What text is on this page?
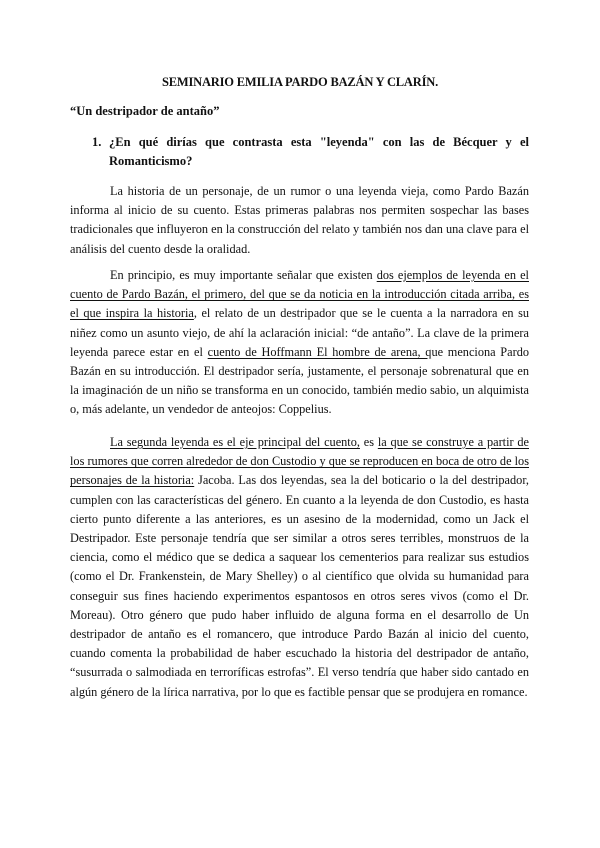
SEMINARIO EMILIA PARDO BAZÁN Y CLARÍN.
“Un destripador de antaño”
1. ¿En qué dirías que contrasta esta "leyenda" con las de Bécquer y el Romanticismo?

La historia de un personaje, de un rumor o una leyenda vieja, como Pardo Bazán informa al inicio de su cuento. Estas primeras palabras nos permiten sospechar las bases tradicionales que influyeron en la construcción del relato y también nos dan una clave para el análisis del cuento desde la oralidad.

En principio, es muy importante señalar que existen dos ejemplos de leyenda en el cuento de Pardo Bazán, el primero, del que se da noticia en la introducción citada arriba, es el que inspira la historia, el relato de un destripador que se le cuenta a la narradora en su niñez como un asunto viejo, de ahí la aclaración inicial: “de antaño”. La clave de la primera leyenda parece estar en el cuento de Hoffmann El hombre de arena, que menciona Pardo Bazán en su introducción. El destripador sería, justamente, el personaje sobrenatural que en la imaginación de un niño se transforma en un conocido, también medio sabio, un alquimista o, más adelante, un vendedor de anteojos: Coppelius.

La segunda leyenda es el eje principal del cuento, es la que se construye a partir de los rumores que corren alrededor de don Custodio y que se reproducen en boca de otro de los personajes de la historia: Jacoba. Las dos leyendas, sea la del boticario o la del destripador, cumplen con las características del género. En cuanto a la leyenda de don Custodio, es hasta cierto punto diferente a las anteriores, es un asesino de la modernidad, como un Jack el Destripador. Este personaje tendría que ser similar a otros seres terribles, monstruos de la ciencia, como el médico que se dedica a saquear los cementerios para realizar sus estudios (como el Dr. Frankenstein, de Mary Shelley) o al científico que olvida su humanidad para conseguir sus fines haciendo experimentos espantosos en otros seres vivos (como el Dr. Moreau). Otro género que pudo haber influido de alguna forma en el desarrollo de Un destripador de antaño es el romancero, que introduce Pardo Bazán al inicio del cuento, cuando comenta la probabilidad de haber escuchado la historia del destripador de antaño, “susurrada o salmodiada en terroríficas estrofas”. El verso tendría que haber sido cantado en algún género de la lírica narrativa, por lo que es factible pensar que se produjera en romance.
